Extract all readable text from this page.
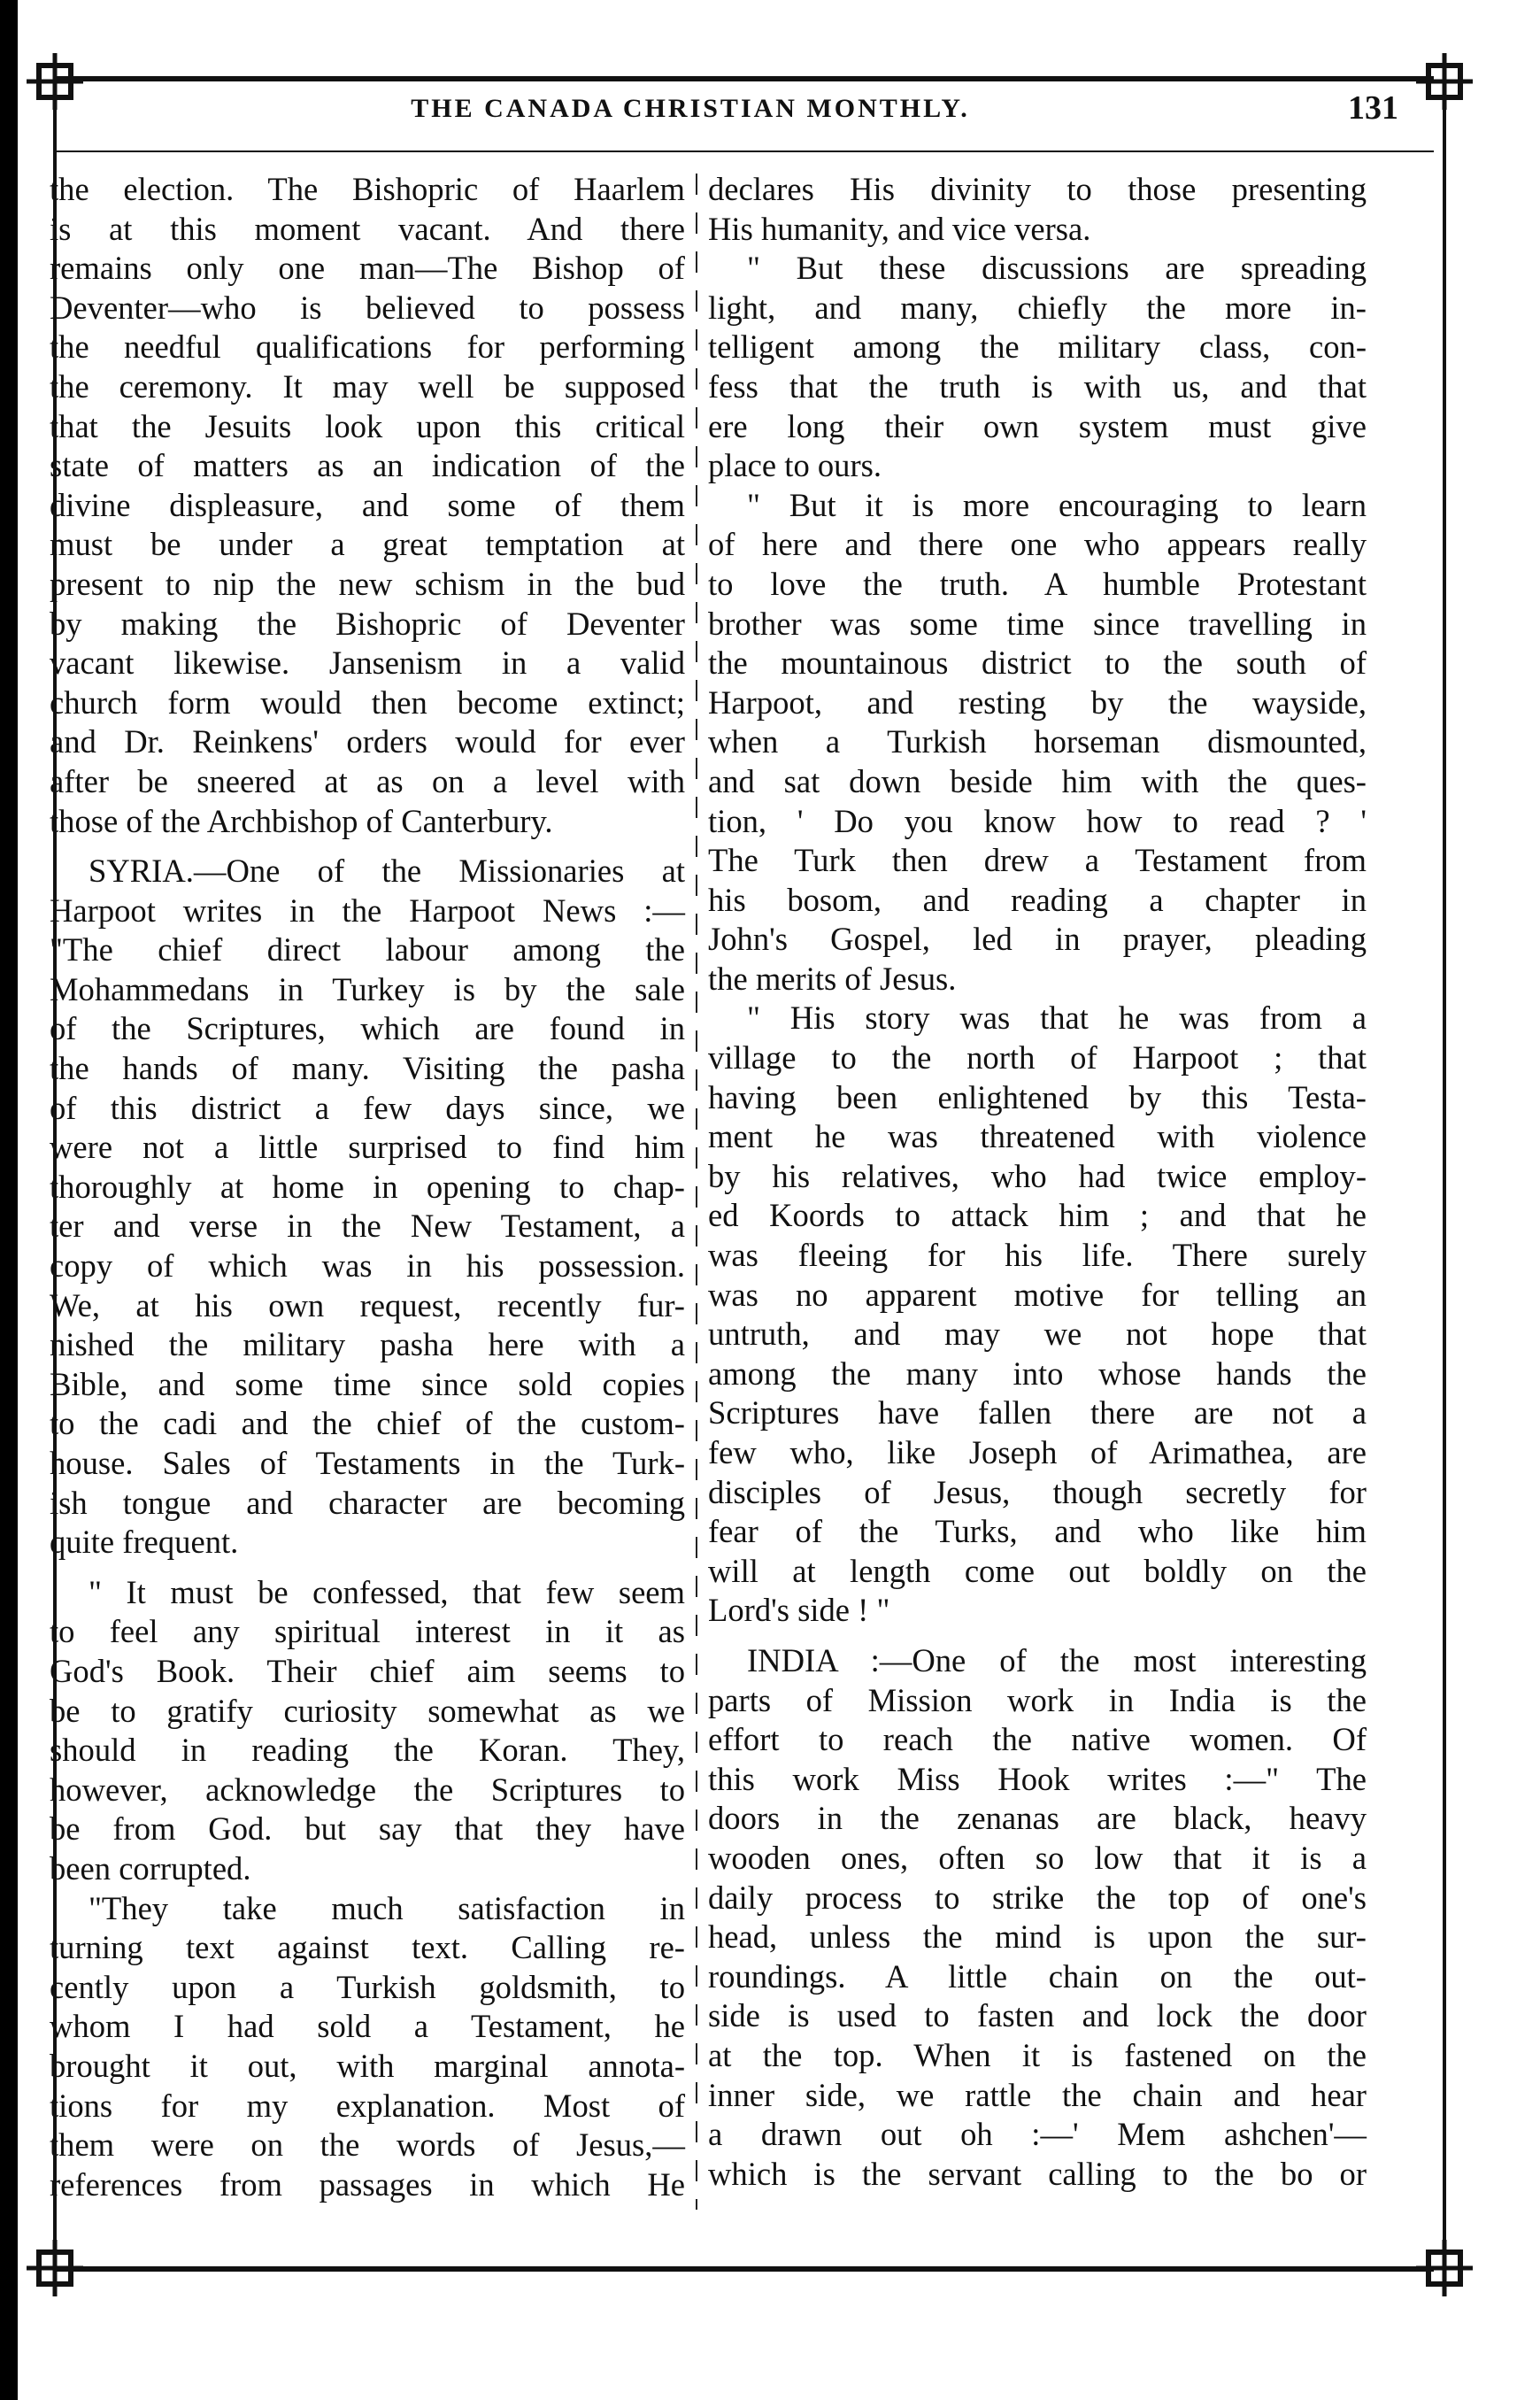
THE CANADA CHRISTIAN MONTHLY.	131
the election. The Bishopric of Haarlem
is at this moment vacant. And there
remains only one man—The Bishop of
Deventer—who is believed to possess
the needful qualifications for performing
the ceremony. It may well be supposed
that the Jesuits look upon this critical
state of matters as an indication of the
divine displeasure, and some of them
must be under a great temptation at
present to nip the new schism in the bud
by making the Bishopric of Deventer
vacant likewise. Jansenism in a valid
church form would then become extinct;
and Dr. Reinkens' orders would for ever
after be sneered at as on a level with
those of the Archbishop of Canterbury.
SYRIA.—One of the Missionaries at
Harpoot writes in the Harpoot News :—
"The chief direct labour among the
Mohammedans in Turkey is by the sale
of the Scriptures, which are found in
the hands of many. Visiting the pasha
of this district a few days since, we
were not a little surprised to find him
thoroughly at home in opening to chap-
ter and verse in the New Testament, a
copy of which was in his possession.
We, at his own request, recently fur-
nished the military pasha here with a
Bible, and some time since sold copies
to the cadi and the chief of the custom-
house. Sales of Testaments in the Turk-
ish tongue and character are becoming
quite frequent.
" It must be confessed, that few seem
to feel any spiritual interest in it as
God's Book. Their chief aim seems to
be to gratify curiosity somewhat as we
should in reading the Koran. They,
however, acknowledge the Scriptures to
be from God. but say that they have
been corrupted.
"They take much satisfaction in
turning text against text. Calling re-
cently upon a Turkish goldsmith, to
whom I had sold a Testament, he
brought it out, with marginal annota-
tions for my explanation. Most of
them were on the words of Jesus,—
references from passages in which He
declares His divinity to those presenting
His humanity, and vice versa.
" But these discussions are spreading
light, and many, chiefly the more in-
telligent among the military class, con-
fess that the truth is with us, and that
ere long their own system must give
place to ours.
" But it is more encouraging to learn
of here and there one who appears really
to love the truth. A humble Protestant
brother was some time since travelling in
the mountainous district to the south of
Harpoot, and resting by the wayside,
when a Turkish horseman dismounted,
and sat down beside him with the ques-
tion, ' Do you know how to read ? '
The Turk then drew a Testament from
his bosom, and reading a chapter in
John's Gospel, led in prayer, pleading
the merits of Jesus.
" His story was that he was from a
village to the north of Harpoot ; that
having been enlightened by this Testa-
ment he was threatened with violence
by his relatives, who had twice employ-
ed Koords to attack him ; and that he
was fleeing for his life. There surely
was no apparent motive for telling an
untruth, and may we not hope that
among the many into whose hands the
Scriptures have fallen there are not a
few who, like Joseph of Arimathea, are
disciples of Jesus, though secretly for
fear of the Turks, and who like him
will at length come out boldly on the
Lord's side ! "
INDIA :—One of the most interesting
parts of Mission work in India is the
effort to reach the native women. Of
this work Miss Hook writes :—" The
doors in the zenanas are black, heavy
wooden ones, often so low that it is a
daily process to strike the top of one's
head, unless the mind is upon the sur-
roundings. A little chain on the out-
side is used to fasten and lock the door
at the top. When it is fastened on the
inner side, we rattle the chain and hear
a drawn out oh :—' Mem ashchen'—
which is the servant calling to the bo or
